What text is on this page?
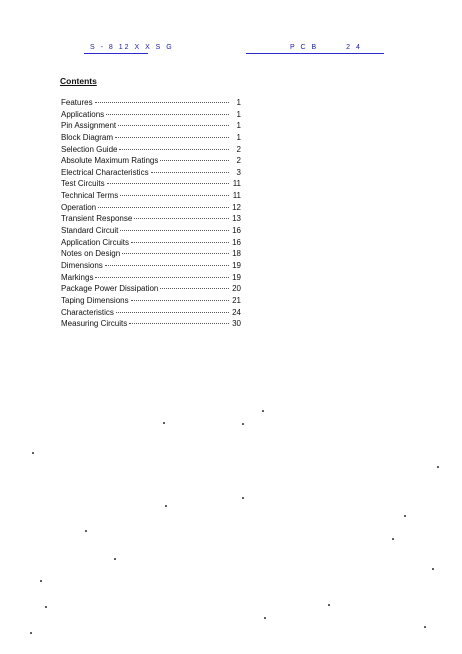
S - 8 12 X X S G	P C B	2 4
Contents
Features	1
Applications	1
Pin Assignment	1
Block Diagram	1
Selection Guide	2
Absolute Maximum Ratings	2
Electrical Characteristics	3
Test Circuits	11
Technical Terms	11
Operation	12
Transient Response	13
Standard Circuit	16
Application Circuits	16
Notes on Design	18
Dimensions	19
Markings	19
Package Power Dissipation	20
Taping Dimensions	21
Characteristics	24
Measuring Circuits	30
